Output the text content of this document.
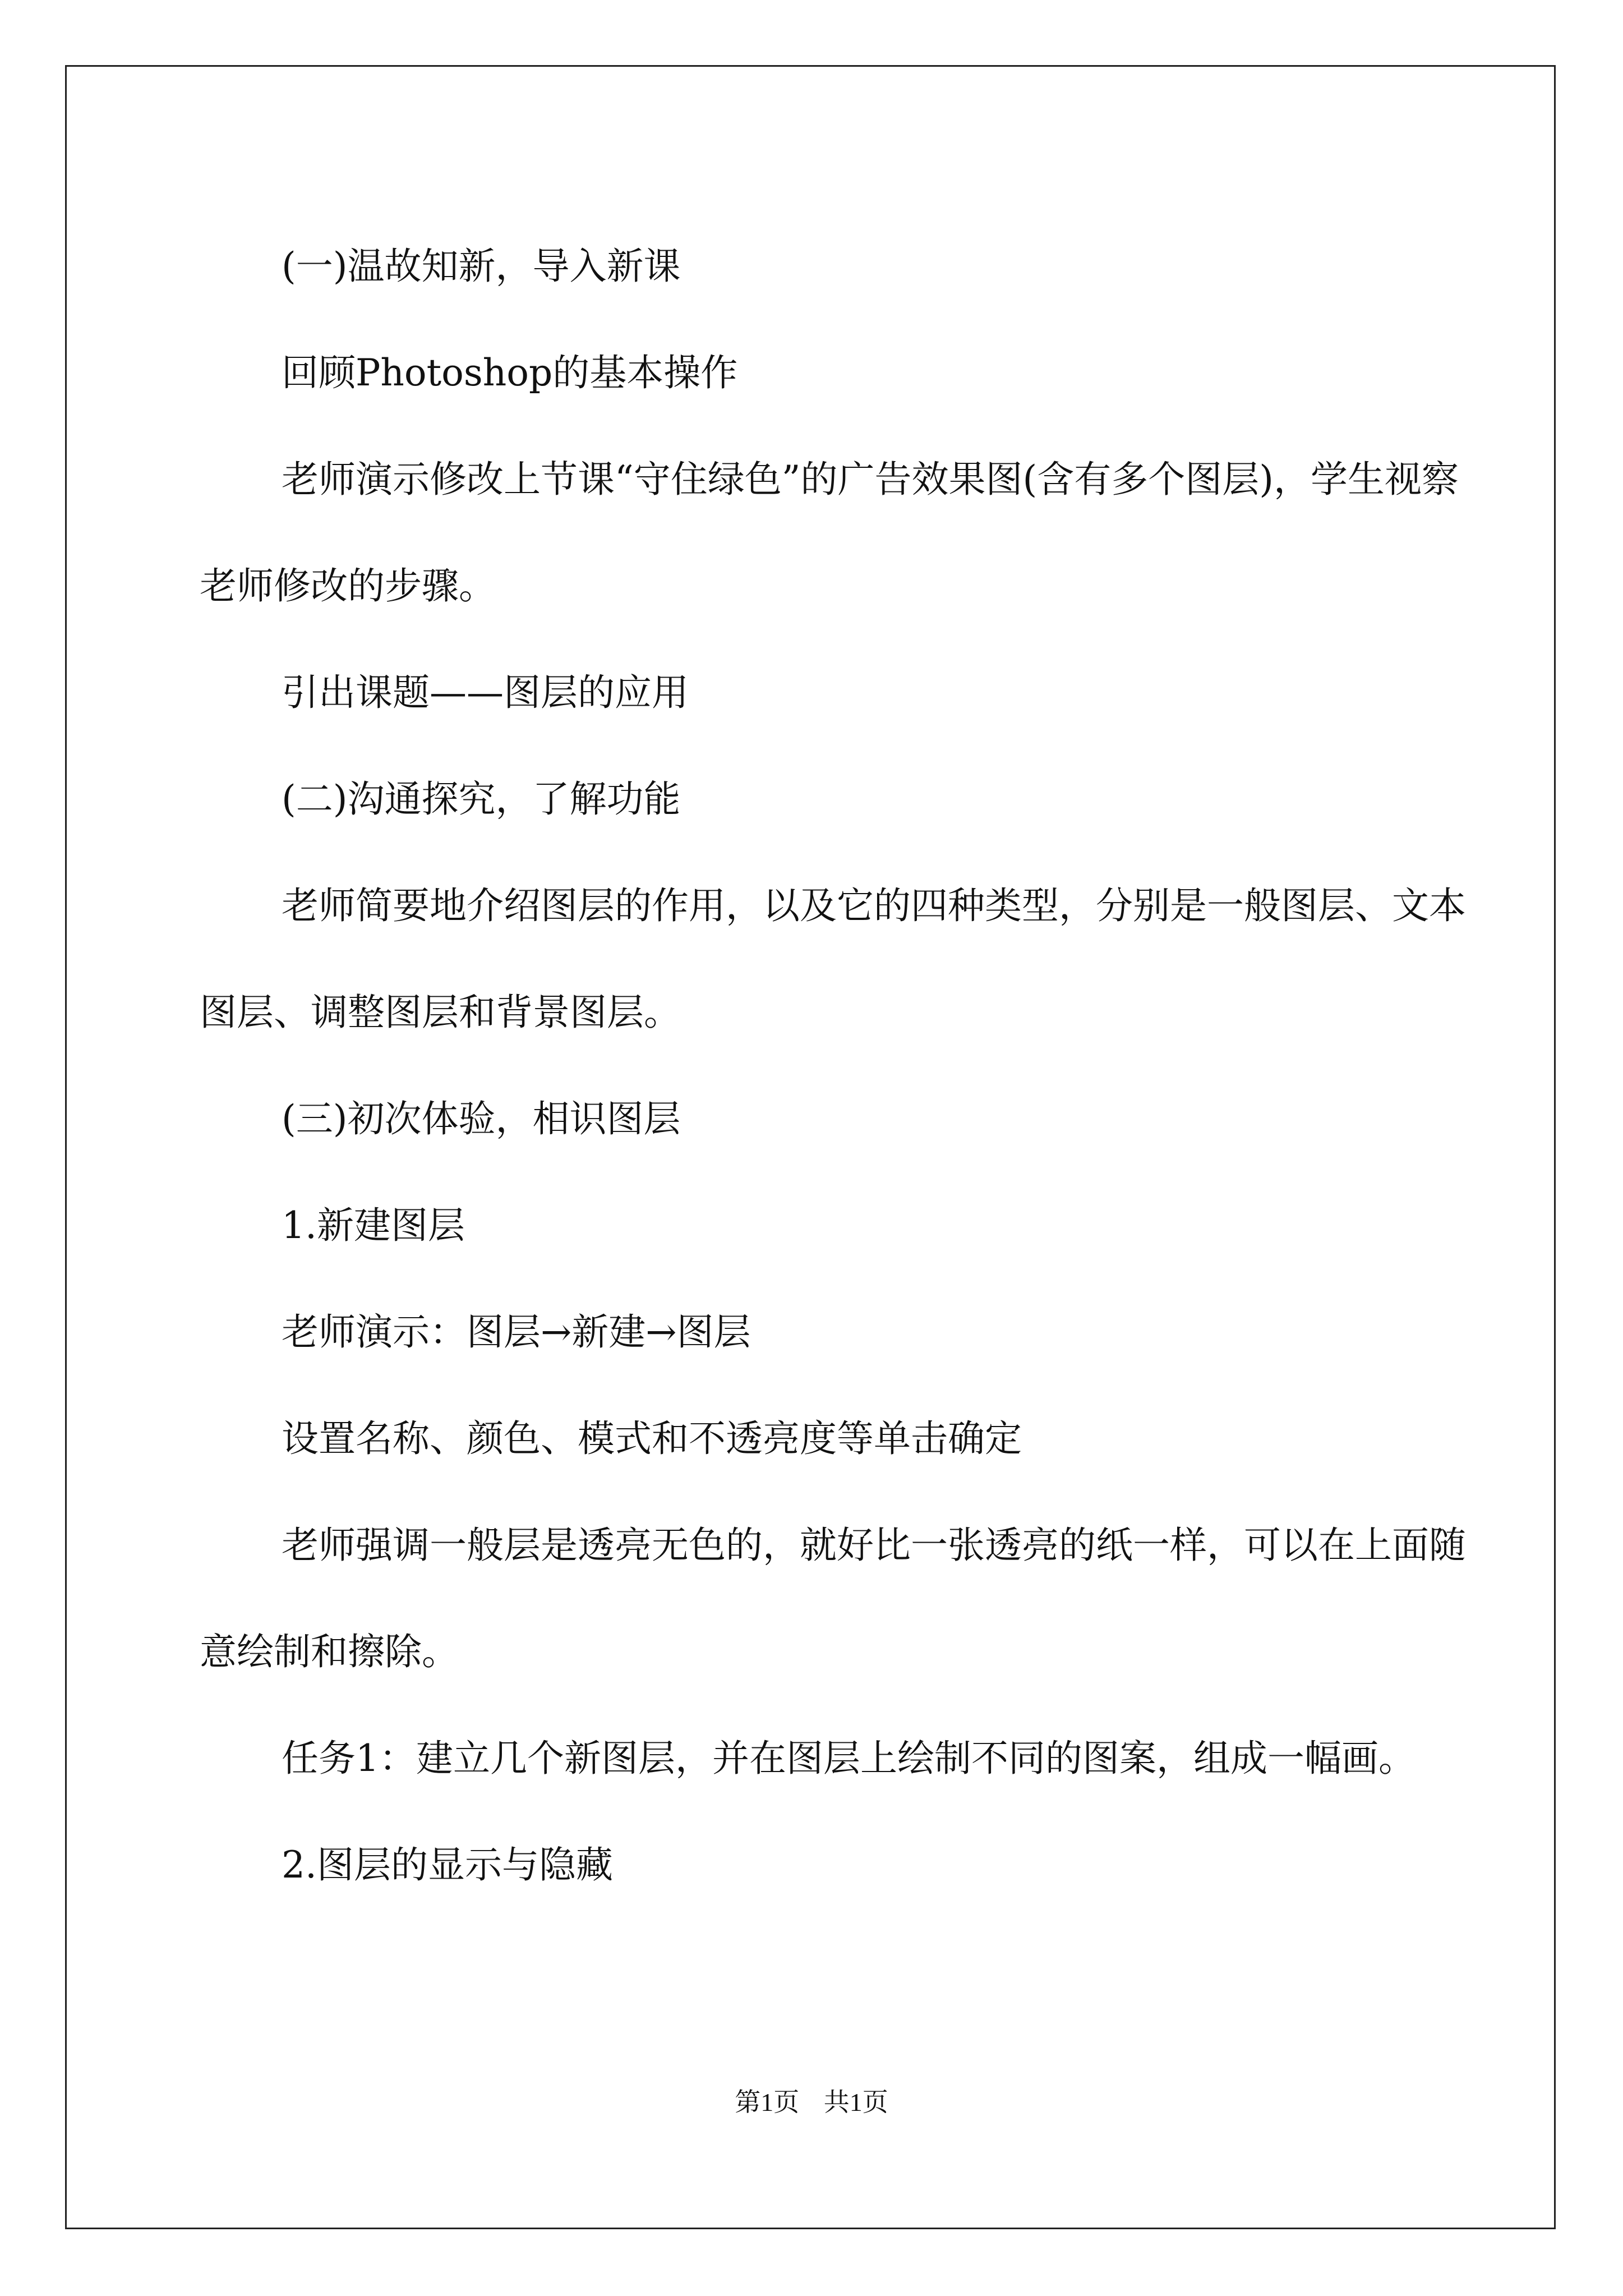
(一)温故知新，导入新课

回顾Photoshop的基本操作

老师演示修改上节课“守住绿色”的广告效果图(含有多个图层)，学生视察老师修改的步骤。

引出课题——图层的应用

(二)沟通探究，了解功能

老师简要地介绍图层的作用，以及它的四种类型，分别是一般图层、文本图层、调整图层和背景图层。

(三)初次体验，相识图层

1.新建图层

老师演示：图层→新建→图层

设置名称、颜色、模式和不透亮度等单击确定

老师强调一般层是透亮无色的，就好比一张透亮的纸一样，可以在上面随意绘制和擦除。

任务1：建立几个新图层，并在图层上绘制不同的图案，组成一幅画。

2.图层的显示与隐藏

第1页 共1页
